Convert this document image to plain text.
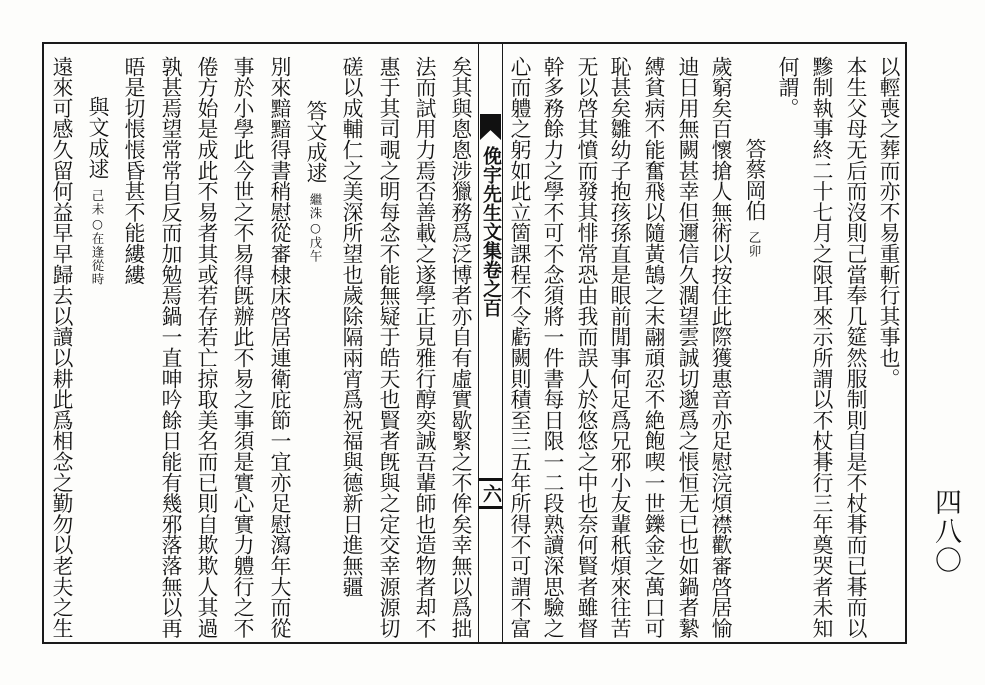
以輕喪之葬而亦不易重斬行其事也。
本生父母无后而沒則己當奉几筵然服制則自是不杖朞而已朞而以
黲制執事終二十七月之限耳來示所謂以不杖朞行三年奠哭者未知
何謂。
答蔡岡伯乙卯
歲窮矣百懷搶人無術以按住此際獲惠音亦足慰浣煩襟歡審啓居愉
迪日用無闕甚幸但邇信久濶望雲誠切邈爲之悵恒无已也如鍋者縶
縛貧病不能奮飛以隨黃鵠之末翮頑忍不絶飽喫一世鑠金之萬口可
恥甚矣雛幼子抱孩孫直是眼前閒事何足爲兄邪小友輩秖煩來往苦
无以啓其憤而發其悱常恐由我而誤人於悠悠之中也奈何賢者雖督
幹多務餘力之學不可不念須將一件書每日限一二段熟讀深思驗之
心而軆之躬如此立箇課程不令虧闕則積至三五年所得不可謂不富
俛宇先生文集卷之百
六
矣其與悤悤涉獵務爲泛博者亦自有虛實歇緊之不侔矣幸無以爲拙
法而試用力焉否善載之遂學正見雅行醇奕誠吾輩師也造物者却不
惠于其司覗之明每念不能無疑于皓天也賢者旣與之定交幸源源切
磋以成輔仁之美深所望也歲除隔兩宵爲祝福與德新日進無疆
答文成逑繼洙○戊午
別來黯黯得書稍慰從審棣床啓居連衛庇節一宜亦足慰瀉年大而從
事於小學此今世之不易得旣辦此不易之事須是實心實力軆行之不
倦方始是成此不易者其或若存若亡掠取美名而已則自欺欺人其過
孰甚焉望常常自反而加勉焉鍋一直呻吟餘日能有幾邪落落無以再
晤是切悵悵昏甚不能縷縷
與文成逑己未○在逢從時
遠來可感久留何益早早歸去以讀以耕此爲相念之勤勿以老夫之生	四八〇
